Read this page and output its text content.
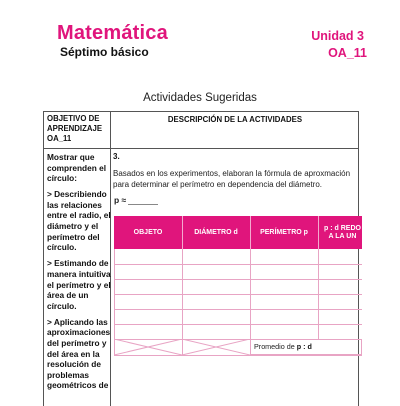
Matemática
Séptimo básico
Unidad 3
OA_11
Actividades Sugeridas
OBJETIVO DE APRENDIZAJE OA_11
DESCRIPCIÓN DE LA ACTIVIDADES

Mostrar que comprenden el círculo:

> Describiendo las relaciones entre el radio, el diámetro y el perímetro del círculo.

> Estimando de manera intuitiva el perímetro y el área de un círculo.

> Aplicando las aproximaciones del perímetro y del área en la resolución de problemas geométricos de

3.
Basados en los experimentos, elaboran la fórmula de aproxmación para determinar el perímetro en dependencia del diámetro.
p ≈
OBJETO	DIÁMETRO d	PERÍMETRO p
p : d REDO
A LA UN
Promedio de p : d
